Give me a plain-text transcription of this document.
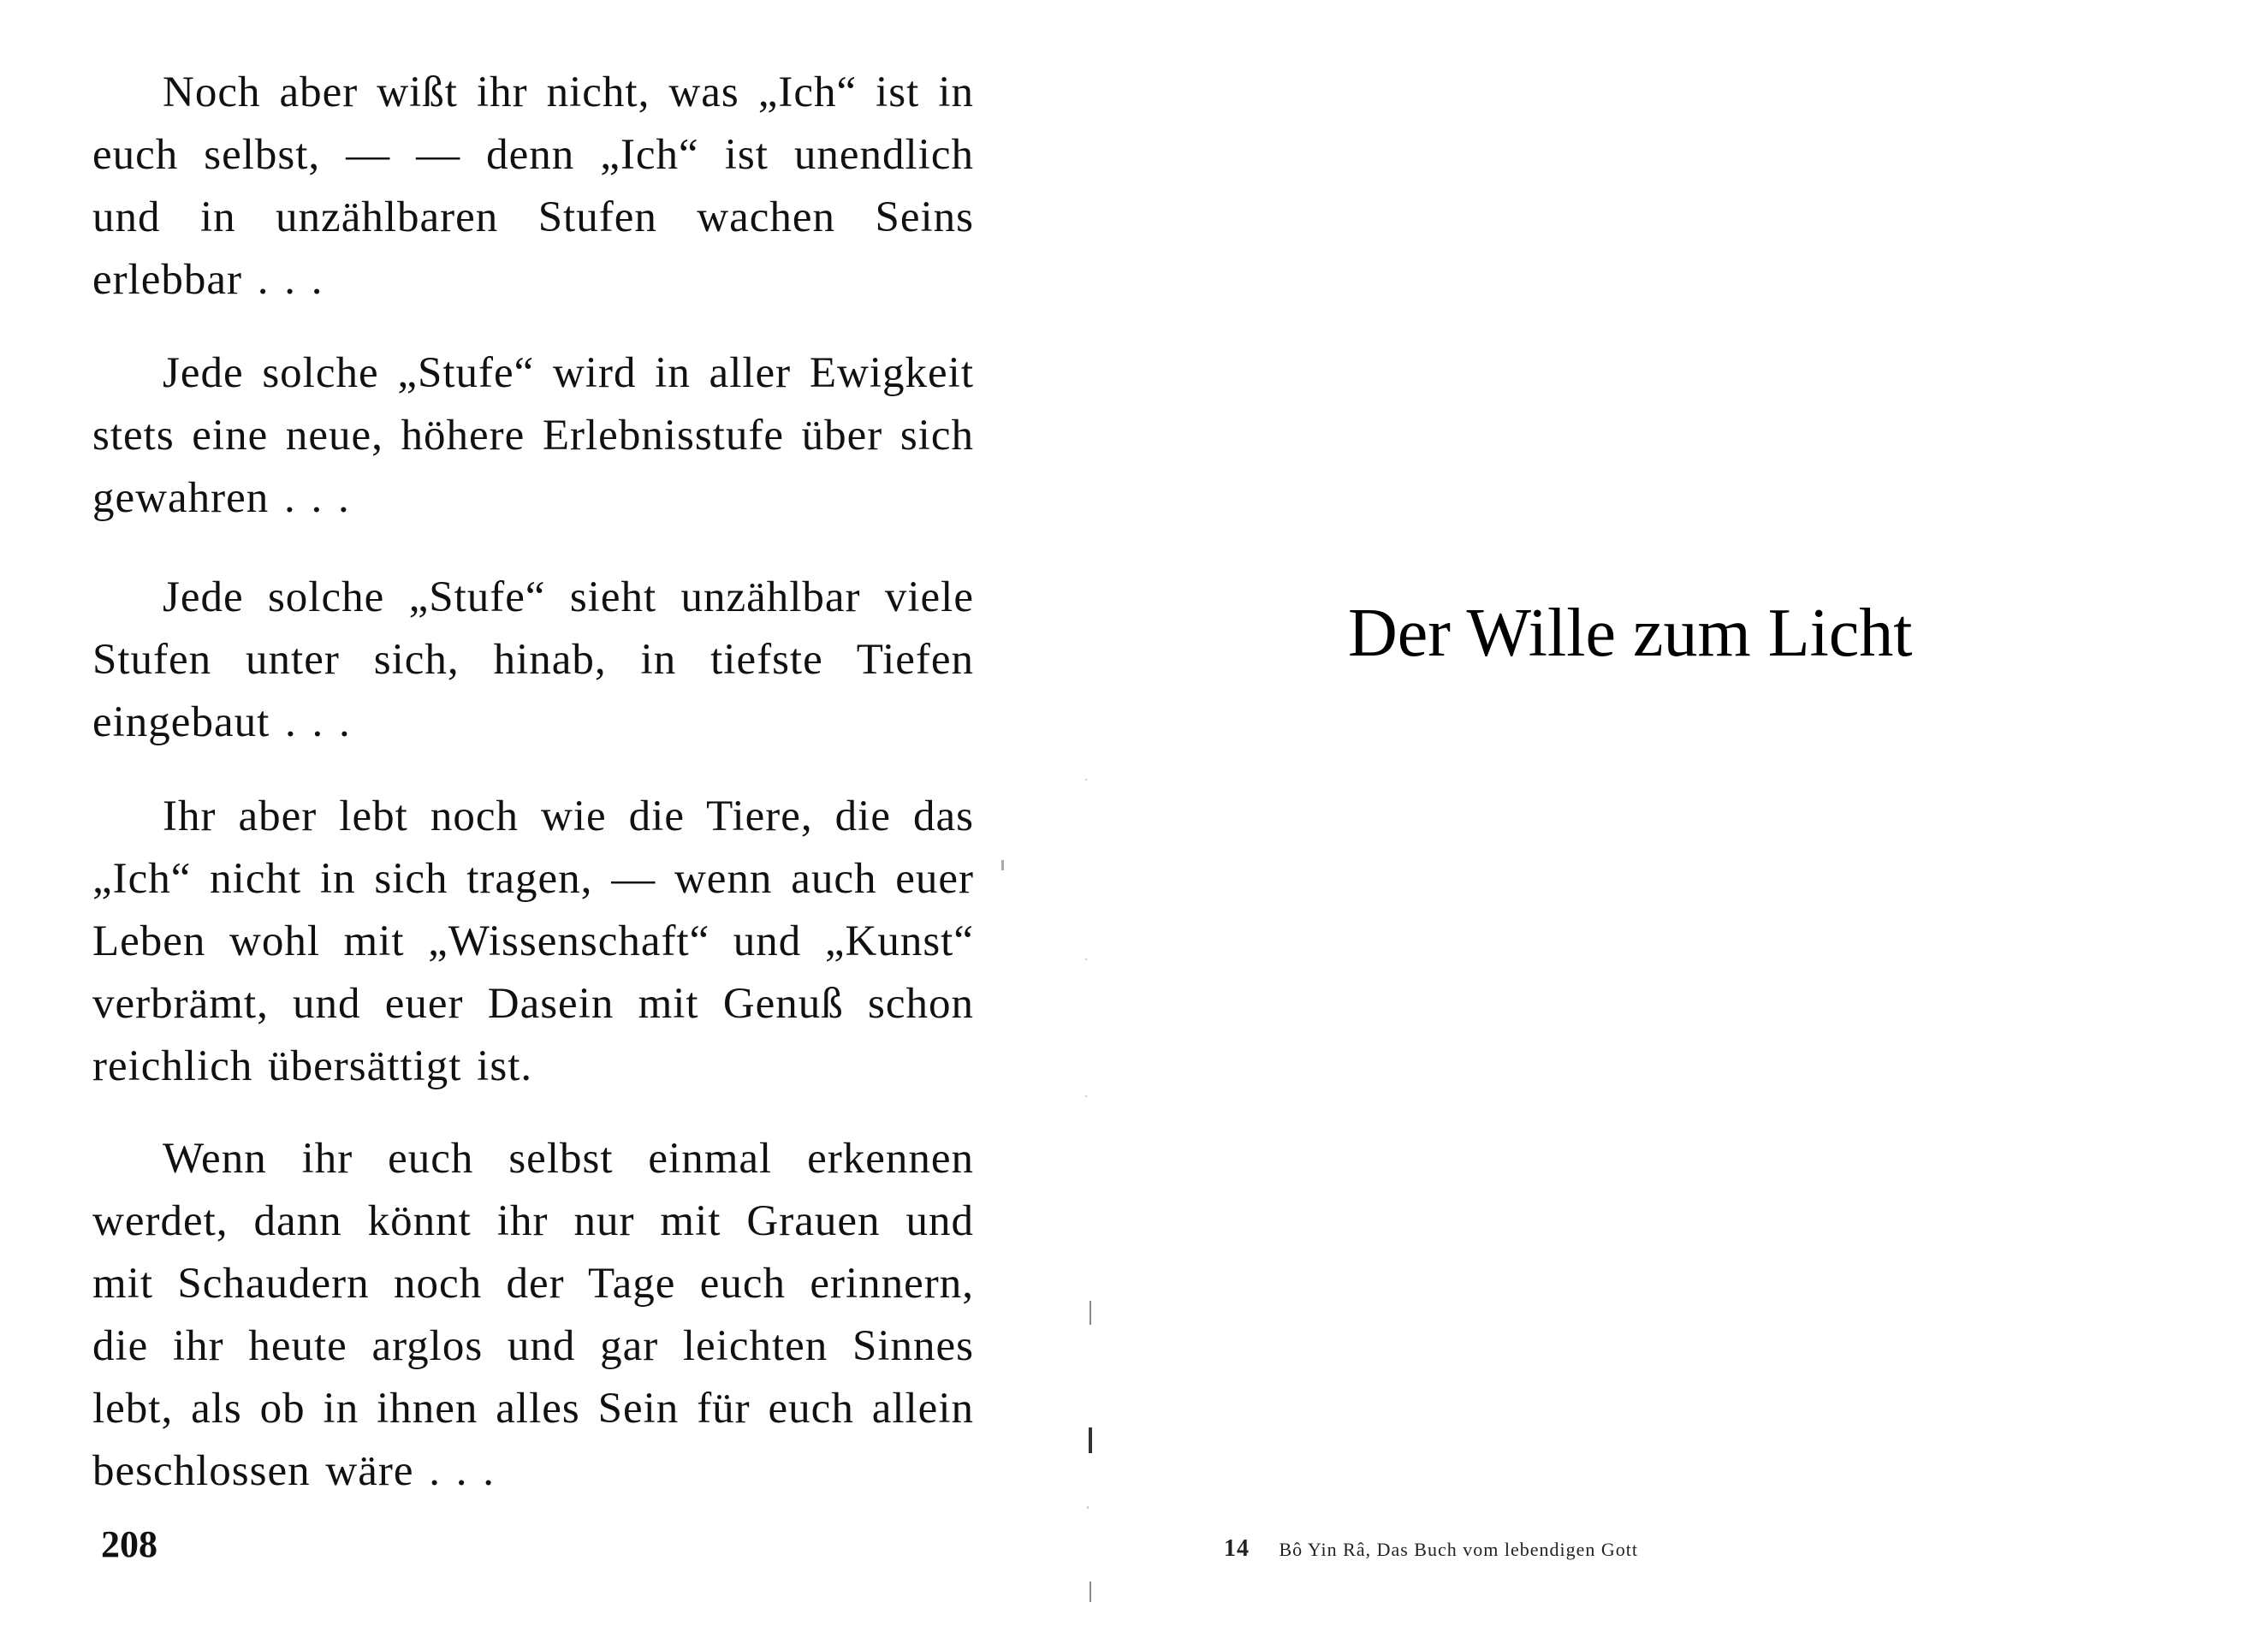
Noch aber wißt ihr nicht, was „Ich“ ist in euch selbst, — — denn „Ich“ ist unendlich und in unzählbaren Stufen wachen Seins erlebbar . . .

Jede solche „Stufe“ wird in aller Ewigkeit stets eine neue, höhere Erlebnisstufe über sich gewahren . . .

Jede solche „Stufe“ sieht unzählbar viele Stufen unter sich, hinab, in tiefste Tiefen eingebaut . . .

Ihr aber lebt noch wie die Tiere, die das „Ich“ nicht in sich tragen, — wenn auch euer Leben wohl mit „Wissenschaft“ und „Kunst“ verbrämt, und euer Dasein mit Genuß schon reichlich übersättigt ist.

Wenn ihr euch selbst einmal erkennen werdet, dann könnt ihr nur mit Grauen und mit Schaudern noch der Tage euch erinnern, die ihr heute arglos und gar leichten Sinnes lebt, als ob in ihnen alles Sein für euch allein beschlossen wäre . . .

208
Der Wille zum Licht
14 Bô Yin Râ, Das Buch vom lebendigen Gott
